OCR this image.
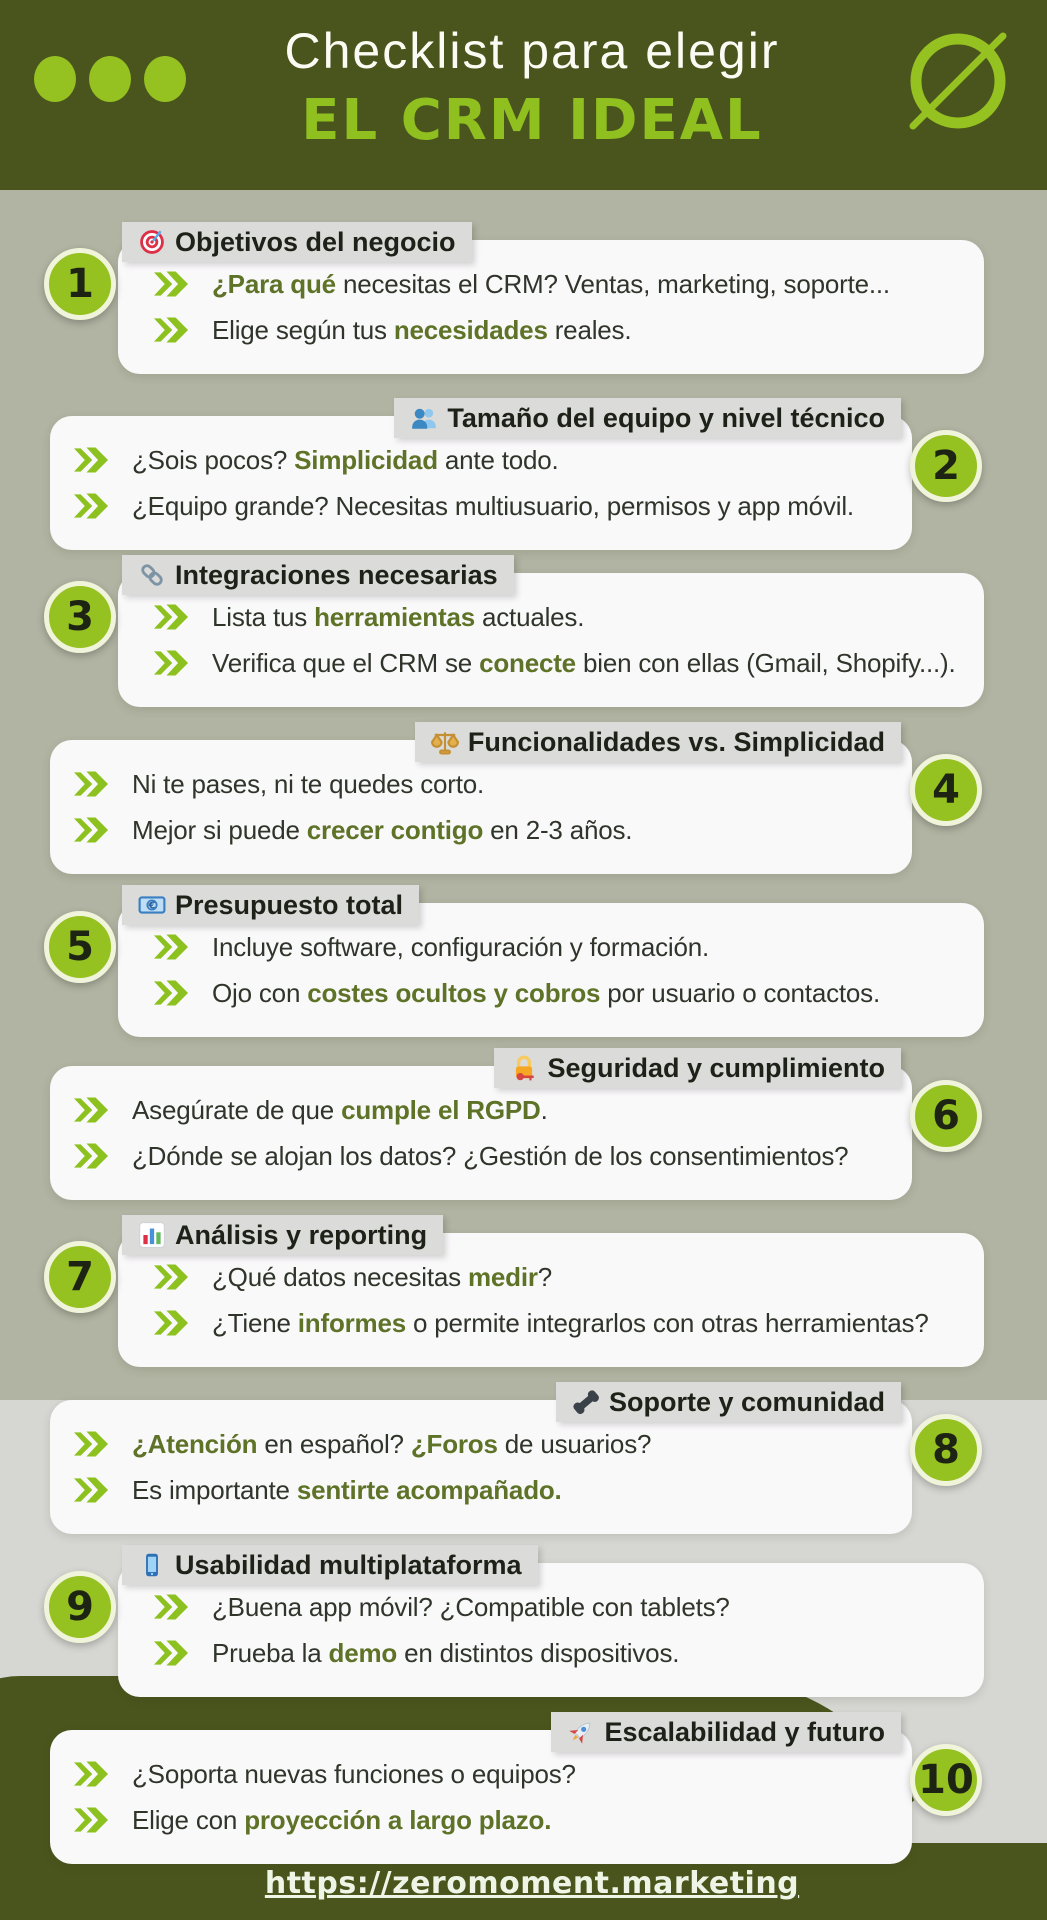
Checklist para elegir
EL CRM IDEAL
¿Para qué necesitas el CRM? Ventas, marketing, soporte...
Elige según tus necesidades reales.
Objetivos del negocio
1
¿Sois pocos? Simplicidad ante todo.
¿Equipo grande? Necesitas multiusuario, permisos y app móvil.
Tamaño del equipo y nivel técnico
2
Lista tus herramientas actuales.
Verifica que el CRM se conecte bien con ellas (Gmail, Shopify...).
Integraciones necesarias
3
Ni te pases, ni te quedes corto.
Mejor si puede crecer contigo en 2-3 años.
Funcionalidades vs. Simplicidad
4
Incluye software, configuración y formación.
Ojo con costes ocultos y cobros por usuario o contactos.
€ Presupuesto total
5
Asegúrate de que cumple el RGPD.
¿Dónde se alojan los datos? ¿Gestión de los consentimientos?
Seguridad y cumplimiento
6
¿Qué datos necesitas medir?
¿Tiene informes o permite integrarlos con otras herramientas?
Análisis y reporting
7
¿Atención en español? ¿Foros de usuarios?
Es importante sentirte acompañado.
Soporte y comunidad
8
¿Buena app móvil? ¿Compatible con tablets?
Prueba la demo en distintos dispositivos.
Usabilidad multiplataforma
9
¿Soporta nuevas funciones o equipos?
Elige con proyección a largo plazo.
Escalabilidad y futuro
10
https://zeromoment.marketing
